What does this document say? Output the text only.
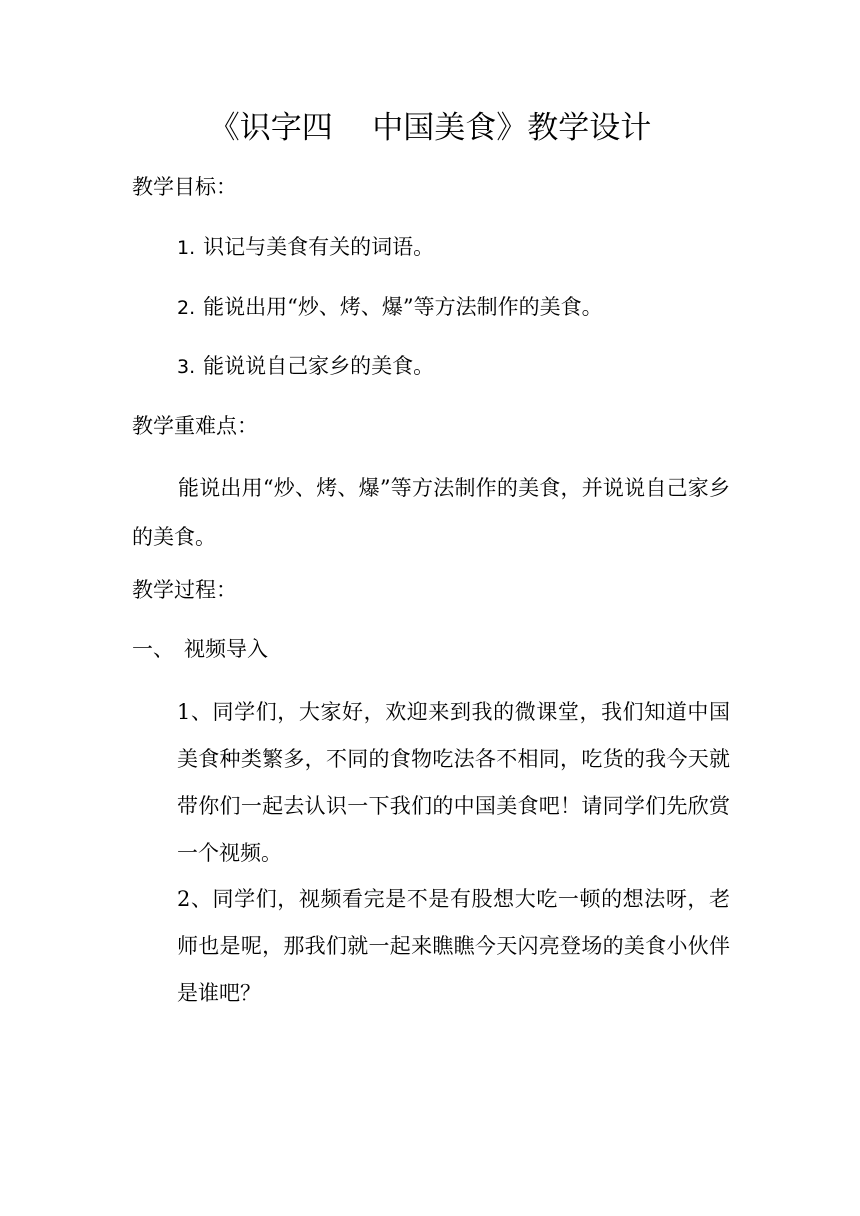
《识字四    中国美食》教学设计
教学目标：
1. 识记与美食有关的词语。
2. 能说出用“炒、烤、爆”等方法制作的美食。
3. 能说说自己家乡的美食。
教学重难点：
能说出用“炒、烤、爆”等方法制作的美食，并说说自己家乡的美食。
教学过程：
一、 视频导入
1、同学们，大家好，欢迎来到我的微课堂，我们知道中国美食种类繁多，不同的食物吃法各不相同，吃货的我今天就带你们一起去认识一下我们的中国美食吧！请同学们先欣赏一个视频。
2、同学们，视频看完是不是有股想大吃一顿的想法呀，老师也是呢，那我们就一起来瞧瞧今天闪亮登场的美食小伙伴是谁吧？
